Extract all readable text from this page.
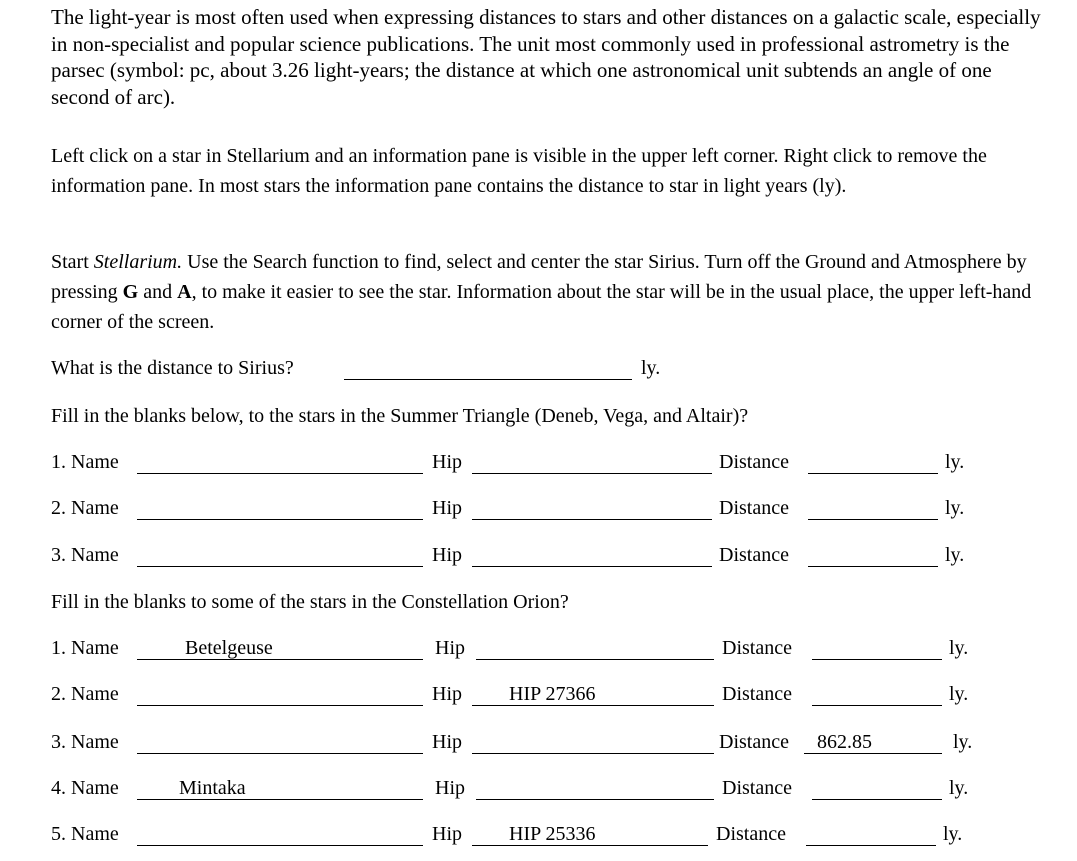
The light-year is most often used when expressing distances to stars and other distances on a galactic scale, especially in non-specialist and popular science publications. The unit most commonly used in professional astrometry is the parsec (symbol: pc, about 3.26 light-years; the distance at which one astronomical unit subtends an angle of one second of arc).

Left click on a star in Stellarium and an information pane is visible in the upper left corner. Right click to remove the information pane. In most stars the information pane contains the distance to star in light years (ly).

Start Stellarium. Use the Search function to find, select and center the star Sirius. Turn off the Ground and Atmosphere by pressing G and A, to make it easier to see the star. Information about the star will be in the usual place, the upper left-hand corner of the screen.

What is the distance to Sirius?	ly.
Fill in the blanks below, to the stars in the Summer Triangle (Deneb, Vega, and Altair)?
1. Name	Hip	Distance	ly.
2. Name	Hip	Distance	ly.
3. Name	Hip	Distance	ly.
Fill in the blanks to some of the stars in the Constellation Orion?
1. Name	Betelgeuse	Hip	Distance	ly.
2. Name	Hip HIP 27366	Distance	ly.
3. Name	Hip	Distance 862.85	ly.
4. Name	Mintaka	Hip	Distance	ly.
5. Name	Hip HIP 25336	Distance	ly.
